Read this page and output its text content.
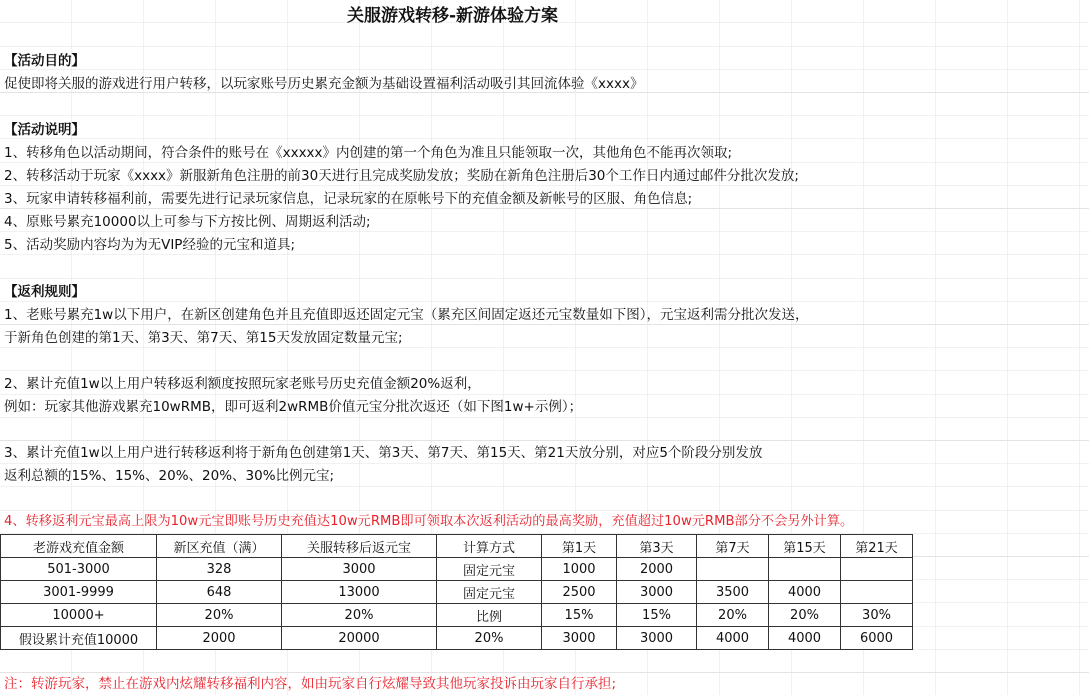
关服游戏转移-新游体验方案
【活动目的】
促使即将关服的游戏进行用户转移，以玩家账号历史累充金额为基础设置福利活动吸引其回流体验《xxxx》
【活动说明】
1、转移角色以活动期间，符合条件的账号在《xxxxx》内创建的第一个角色为准且只能领取一次，其他角色不能再次领取;
2、转移活动于玩家《xxxx》新服新角色注册的前30天进行且完成奖励发放；奖励在新角色注册后30个工作日内通过邮件分批次发放;
3、玩家申请转移福利前，需要先进行记录玩家信息，记录玩家的在原帐号下的充值金额及新帐号的区服、角色信息;
4、原账号累充10000以上可参与下方按比例、周期返利活动;
5、活动奖励内容均为为无VIP经验的元宝和道具;
【返利规则】
1、老账号累充1w以下用户，在新区创建角色并且充值即返还固定元宝（累充区间固定返还元宝数量如下图），元宝返利需分批次发送，
于新角色创建的第1天、第3天、第7天、第15天发放固定数量元宝;
2、累计充值1w以上用户转移返利额度按照玩家老账号历史充值金额20%返利，
例如：玩家其他游戏累充10wRMB，即可返利2wRMB价值元宝分批次返还（如下图1w+示例）；
3、累计充值1w以上用户进行转移返利将于新角色创建第1天、第3天、第7天、第15天、第21天放分别，对应5个阶段分别发放
返利总额的15%、15%、20%、20%、30%比例元宝;
4、转移返利元宝最高上限为10w元宝即账号历史充值达10w元RMB即可领取本次返利活动的最高奖励，充值超过10w元RMB部分不会另外计算。
老游戏充值金额	新区充值（满）	关服转移后返元宝	计算方式	第1天	第3天	第7天	第15天	第21天
501-3000	328	3000	固定元宝	1000	2000			
3001-9999	648	13000	固定元宝	2500	3000	3500	4000	
10000+	20%	20%	比例	15%	15%	20%	20%	30%
假设累计充值10000	2000	20000	20%	3000	3000	4000	4000	6000
注：转游玩家，禁止在游戏内炫耀转移福利内容，如由玩家自行炫耀导致其他玩家投诉由玩家自行承担;
